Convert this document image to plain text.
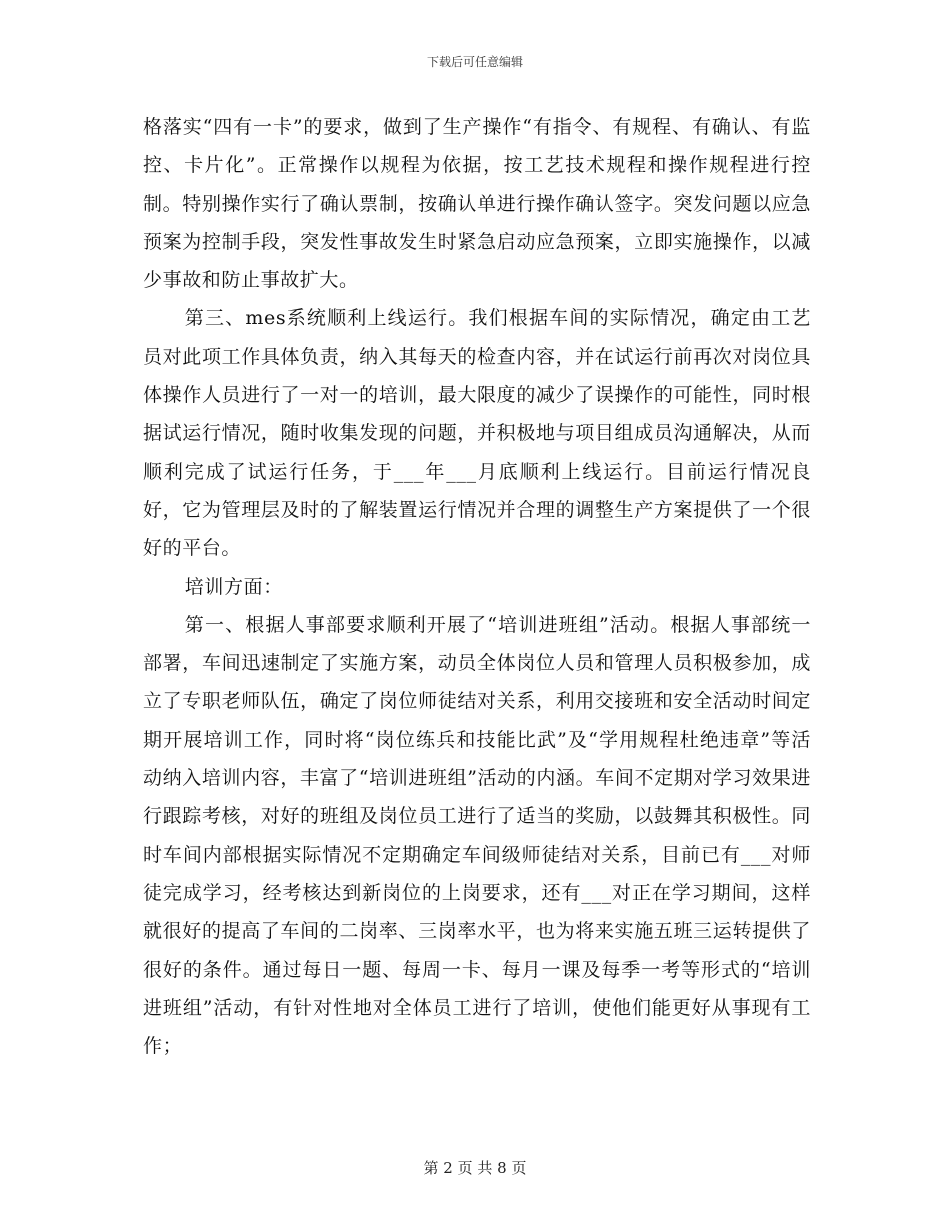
下载后可任意编辑

格落实“四有一卡”的要求，做到了生产操作“有指令、有规程、有确认、有监控、卡片化”。正常操作以规程为依据，按工艺技术规程和操作规程进行控制。特别操作实行了确认票制，按确认单进行操作确认签字。突发问题以应急预案为控制手段，突发性事故发生时紧急启动应急预案，立即实施操作，以减少事故和防止事故扩大。

第三、mes系统顺利上线运行。我们根据车间的实际情况，确定由工艺员对此项工作具体负责，纳入其每天的检查内容，并在试运行前再次对岗位具体操作人员进行了一对一的培训，最大限度的减少了误操作的可能性，同时根据试运行情况，随时收集发现的问题，并积极地与项目组成员沟通解决，从而顺利完成了试运行任务，于___年___月底顺利上线运行。目前运行情况良好，它为管理层及时的了解装置运行情况并合理的调整生产方案提供了一个很好的平台。

培训方面：

第一、根据人事部要求顺利开展了“培训进班组”活动。根据人事部统一部署，车间迅速制定了实施方案，动员全体岗位人员和管理人员积极参加，成立了专职老师队伍，确定了岗位师徒结对关系，利用交接班和安全活动时间定期开展培训工作，同时将“岗位练兵和技能比武”及“学用规程杜绝违章”等活动纳入培训内容，丰富了“培训进班组”活动的内涵。车间不定期对学习效果进行跟踪考核，对好的班组及岗位员工进行了适当的奖励，以鼓舞其积极性。同时车间内部根据实际情况不定期确定车间级师徒结对关系，目前已有___对师徒完成学习，经考核达到新岗位的上岗要求，还有___对正在学习期间，这样就很好的提高了车间的二岗率、三岗率水平，也为将来实施五班三运转提供了很好的条件。通过每日一题、每周一卡、每月一课及每季一考等形式的“培训进班组”活动，有针对性地对全体员工进行了培训，使他们能更好从事现有工作；

第 2 页 共 8 页
